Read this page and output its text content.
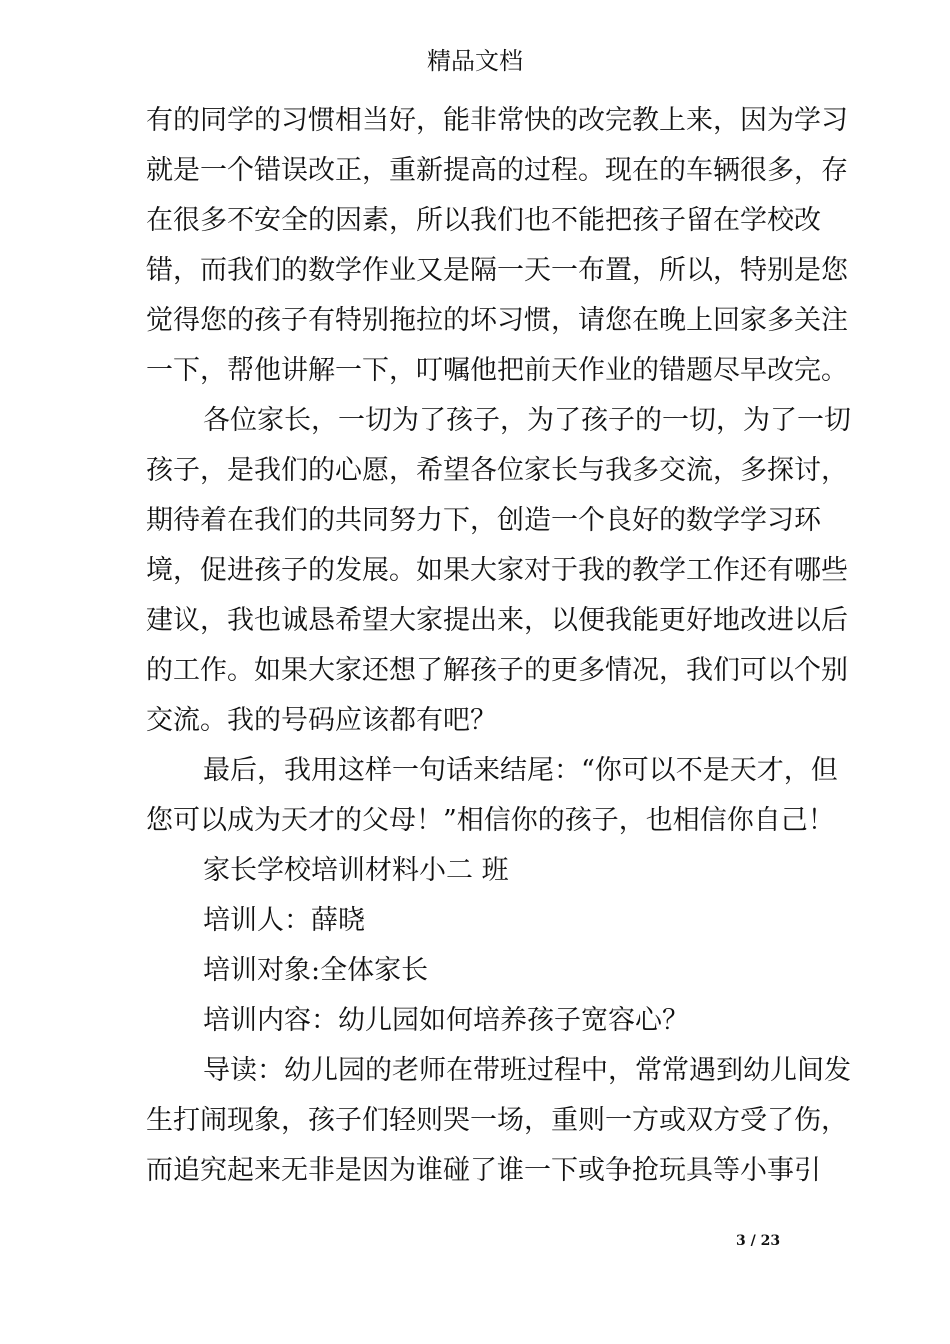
精品文档
有的同学的习惯相当好，能非常快的改完教上来，因为学习
就是一个错误改正，重新提高的过程。现在的车辆很多，存
在很多不安全的因素，所以我们也不能把孩子留在学校改
错，而我们的数学作业又是隔一天一布置，所以，特别是您
觉得您的孩子有特别拖拉的坏习惯，请您在晚上回家多关注
一下，帮他讲解一下，叮嘱他把前天作业的错题尽早改完。
各位家长，一切为了孩子，为了孩子的一切，为了一切
孩子，是我们的心愿，希望各位家长与我多交流，多探讨，
期待着在我们的共同努力下，创造一个良好的数学学习环
境，促进孩子的发展。如果大家对于我的教学工作还有哪些
建议，我也诚恳希望大家提出来，以便我能更好地改进以后
的工作。如果大家还想了解孩子的更多情况，我们可以个别
交流。我的号码应该都有吧？
最后，我用这样一句话来结尾：“你可以不是天才，但
您可以成为天才的父母！”相信你的孩子，也相信你自己！
家长学校培训材料小二 班
培训人：薛晓
培训对象:全体家长
培训内容：幼儿园如何培养孩子宽容心？
导读：幼儿园的老师在带班过程中，常常遇到幼儿间发
生打闹现象，孩子们轻则哭一场，重则一方或双方受了伤，
而追究起来无非是因为谁碰了谁一下或争抢玩具等小事引
3 / 23
